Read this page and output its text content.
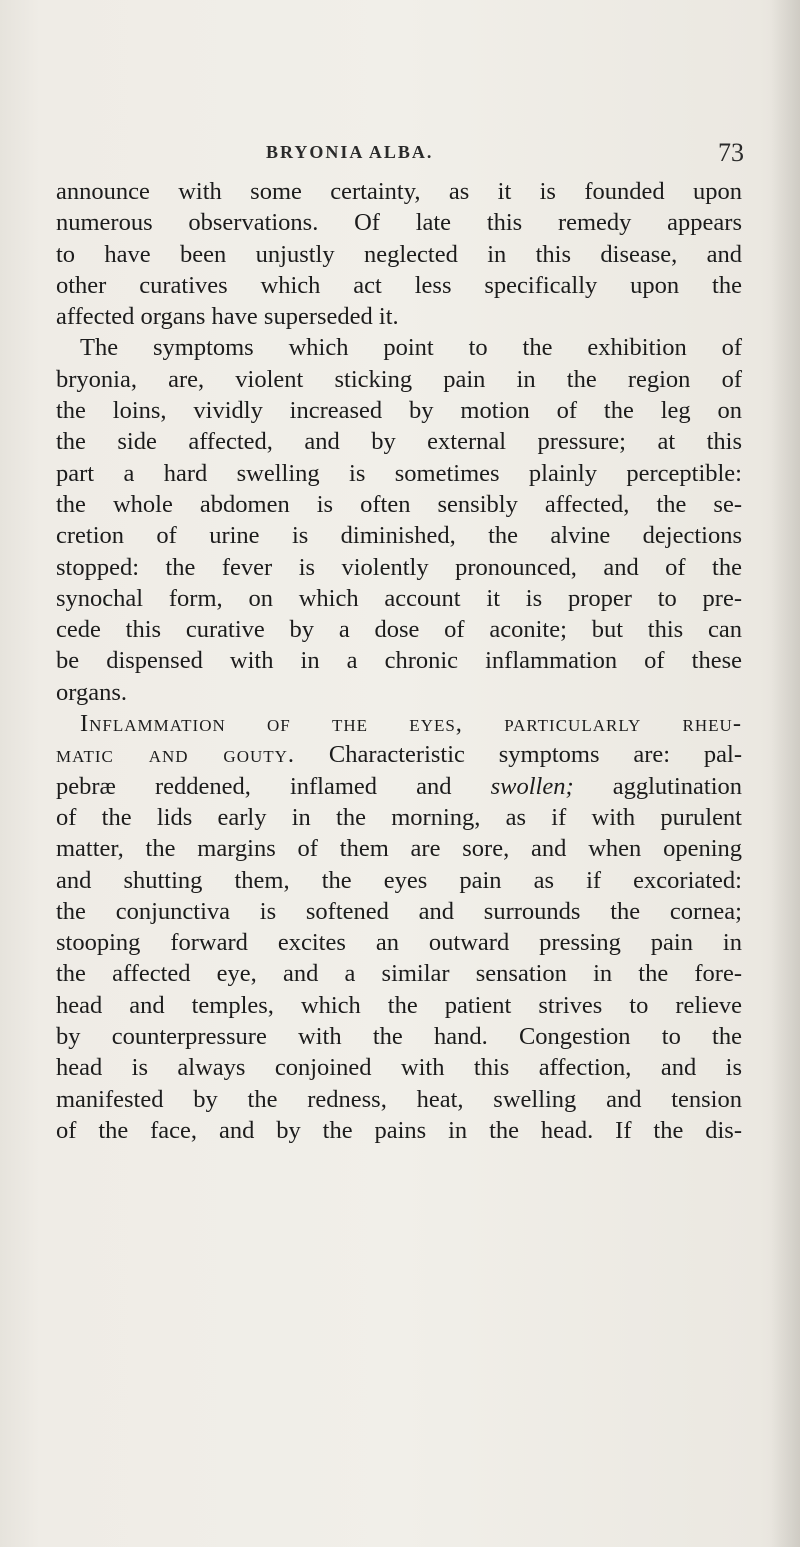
BRYONIA ALBA.	73
announce with some certainty, as it is founded upon
numerous observations. Of late this remedy appears
to have been unjustly neglected in this disease, and
other curatives which act less specifically upon the
affected organs have superseded it.
The symptoms which point to the exhibition of
bryonia, are, violent sticking pain in the region of
the loins, vividly increased by motion of the leg on
the side affected, and by external pressure; at this
part a hard swelling is sometimes plainly perceptible:
the whole abdomen is often sensibly affected, the se-
cretion of urine is diminished, the alvine dejections
stopped: the fever is violently pronounced, and of the
synochal form, on which account it is proper to pre-
cede this curative by a dose of aconite; but this can
be dispensed with in a chronic inflammation of these
organs.
Inflammation of the eyes, particularly rheu-
matic and gouty. Characteristic symptoms are: pal-
pebræ reddened, inflamed and swollen; agglutination
of the lids early in the morning, as if with purulent
matter, the margins of them are sore, and when opening
and shutting them, the eyes pain as if excoriated:
the conjunctiva is softened and surrounds the cornea;
stooping forward excites an outward pressing pain in
the affected eye, and a similar sensation in the fore-
head and temples, which the patient strives to relieve
by counterpressure with the hand. Congestion to the
head is always conjoined with this affection, and is
manifested by the redness, heat, swelling and tension
of the face, and by the pains in the head. If the dis-
